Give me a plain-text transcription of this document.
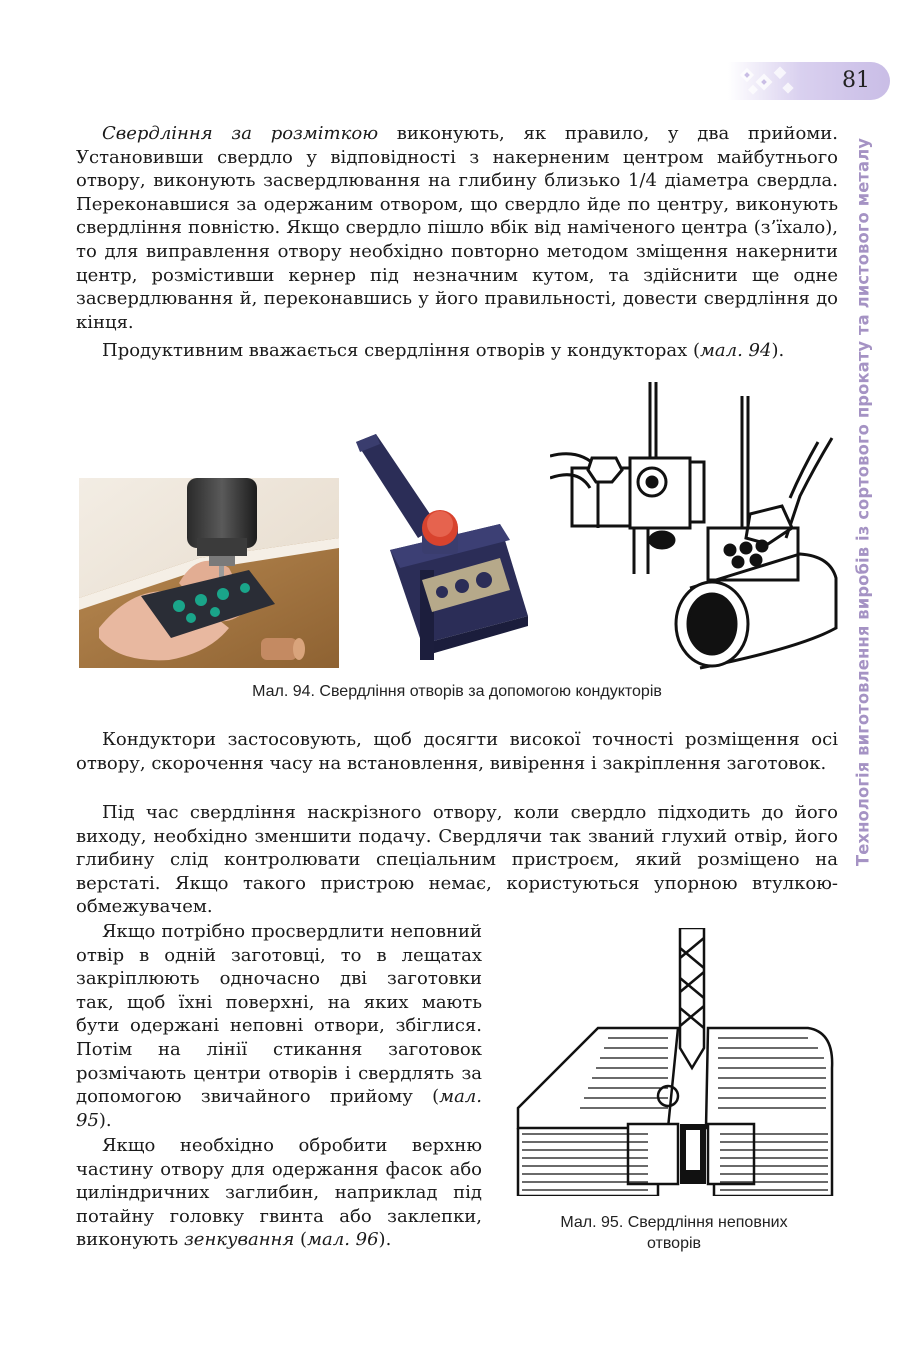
81
Технологія виготовлення виробів із сортового прокату та листового металу

Свердління за розміткою виконують, як правило, у два прийоми. Установивши свердло у відповідності з накерненим центром майбутнього отвору, виконують засвердлювання на глибину близько 1/4 діаметра свердла. Переконавшися за одержаним отвором, що свердло йде по центру, виконують свердління повністю. Якщо свердло пішло вбік від наміченого центра (з’їхало), то для виправлення отвору необхідно повторно методом зміщення накернити центр, розмістивши кернер під незначним кутом, та здійснити ще одне засвердлювання й, переконавшись у його правильності, довести свердління до кінця.

Продуктивним вважається свердління отворів у кондукторах (мал. 94).

Мал. 94. Свердління отворів за допомогою кондукторів

Кондуктори застосовують, щоб досягти високої точності розміщення осі отвору, скорочення часу на встановлення, вивірення і закріплення заготовок.

Під час свердління наскрізного отвору, коли свердло підходить до його виходу, необхідно зменшити подачу. Свердлячи так званий глухий отвір, його глибину слід контролювати спеціальним пристроєм, який розміщено на верстаті. Якщо такого пристрою немає, користуються упорною втулкою-обмежувачем.

Якщо потрібно просвердлити неповний отвір в одній заготовці, то в лещатах закріплюють одночасно дві заготовки так, щоб їхні поверхні, на яких мають бути одержані неповні отвори, збіглися. Потім на лінії стикання заготовок розмічають центри отворів і свердлять за допомогою звичайного прийому (мал. 95).

Якщо необхідно обробити верхню частину отвору для одержання фасок або циліндричних заглибин, наприклад під потайну головку гвинта або заклепки, виконують зенкування (мал. 96).

Мал. 95. Свердління неповних
отворів
